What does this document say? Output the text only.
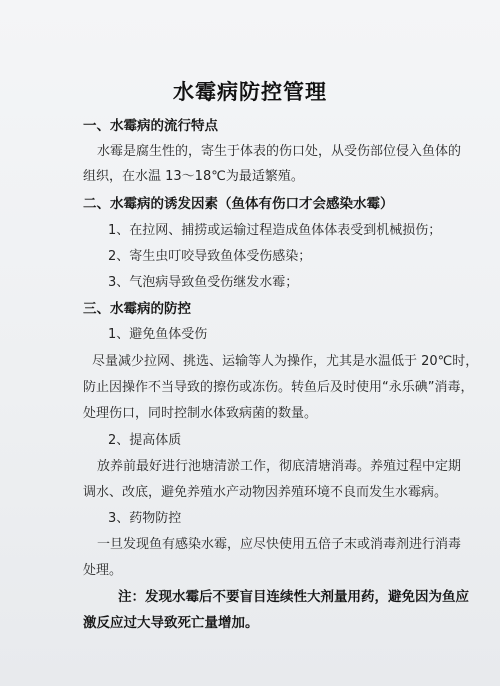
水霉病防控管理
一、水霉病的流行特点
水霉是腐生性的，寄生于体表的伤口处，从受伤部位侵入鱼体的
组织，在水温 13～18℃为最适繁殖。
二、水霉病的诱发因素（鱼体有伤口才会感染水霉）
1、在拉网、捕捞或运输过程造成鱼体体表受到机械损伤；
2、寄生虫叮咬导致鱼体受伤感染；
3、气泡病导致鱼受伤继发水霉；
三、水霉病的防控
1、避免鱼体受伤
尽量减少拉网、挑选、运输等人为操作，尤其是水温低于 20℃时，
防止因操作不当导致的擦伤或冻伤。转鱼后及时使用“永乐碘”消毒，
处理伤口，同时控制水体致病菌的数量。
2、提高体质
放养前最好进行池塘清淤工作，彻底清塘消毒。养殖过程中定期
调水、改底，避免养殖水产动物因养殖环境不良而发生水霉病。
3、药物防控
一旦发现鱼有感染水霉，应尽快使用五倍子末或消毒剂进行消毒
处理。
注：发现水霉后不要盲目连续性大剂量用药，避免因为鱼应
激反应过大导致死亡量增加。
